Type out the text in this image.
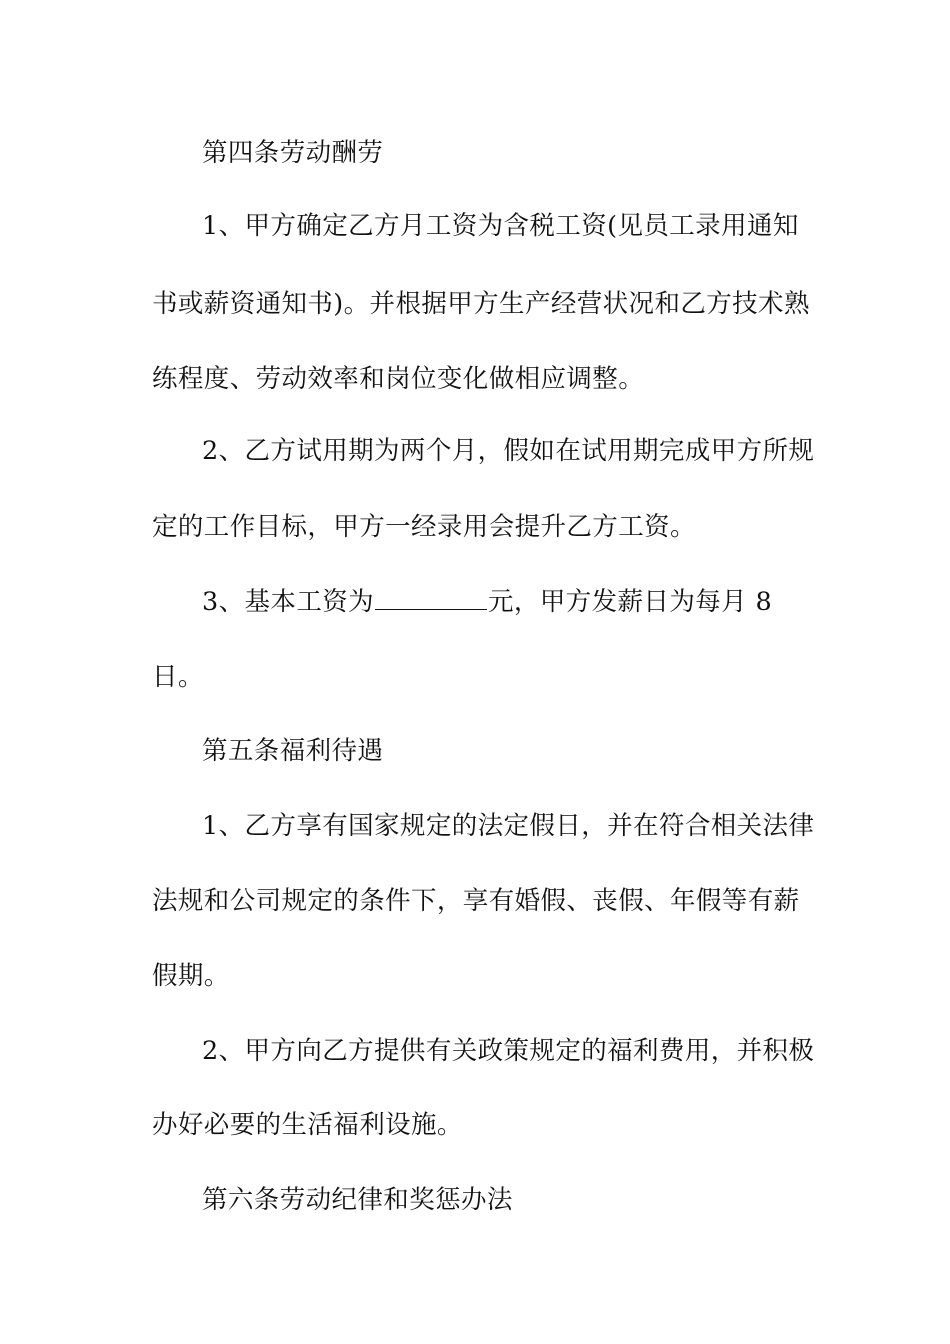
第四条劳动酬劳
1、甲方确定乙方月工资为含税工资(见员工录用通知
书或薪资通知书)。并根据甲方生产经营状况和乙方技术熟
练程度、劳动效率和岗位变化做相应调整。
2、乙方试用期为两个月，假如在试用期完成甲方所规
定的工作目标，甲方一经录用会提升乙方工资。
3、基本工资为	元，甲方发薪日为每月 8
日。
第五条福利待遇
1、乙方享有国家规定的法定假日，并在符合相关法律
法规和公司规定的条件下，享有婚假、丧假、年假等有薪
假期。
2、甲方向乙方提供有关政策规定的福利费用，并积极
办好必要的生活福利设施。
第六条劳动纪律和奖惩办法
